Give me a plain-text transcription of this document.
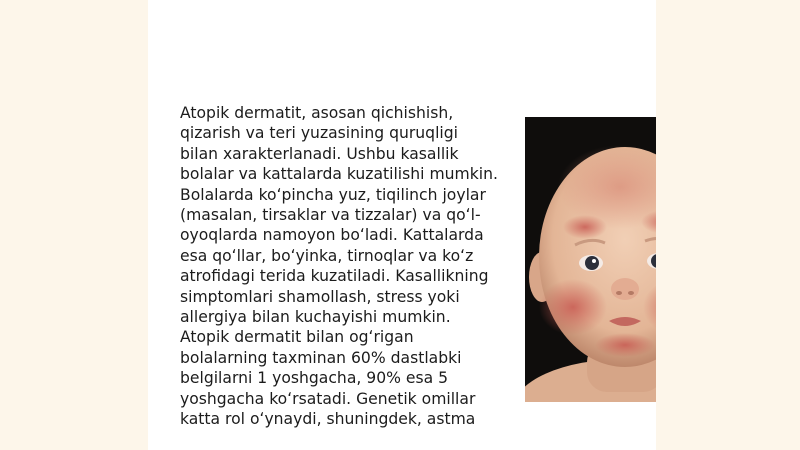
Atopik dermatit, asosan qichishish, qizarish va teri yuzasining quruqligi bilan xarakterlanadi. Ushbu kasallik bolalar va kattalarda kuzatilishi mumkin. Bolalarda koʻpincha yuz, tiqilinch joylar (masalan, tirsaklar va tizzalar) va qoʻl-oyoqlarda namoyon boʻladi. Kattalarda esa qoʻllar, boʻyinka, tirnoqlar va koʻz atrofidagi terida kuzatiladi. Kasallikning simptomlari shamollash, stress yoki allergiya bilan kuchayishi mumkin. Atopik dermatit bilan ogʻrigan bolalarning taxminan 60% dastlabki belgilarni 1 yoshgacha, 90% esa 5 yoshgacha koʻrsatadi. Genetik omillar katta rol oʻynaydi, shuningdek, astma
